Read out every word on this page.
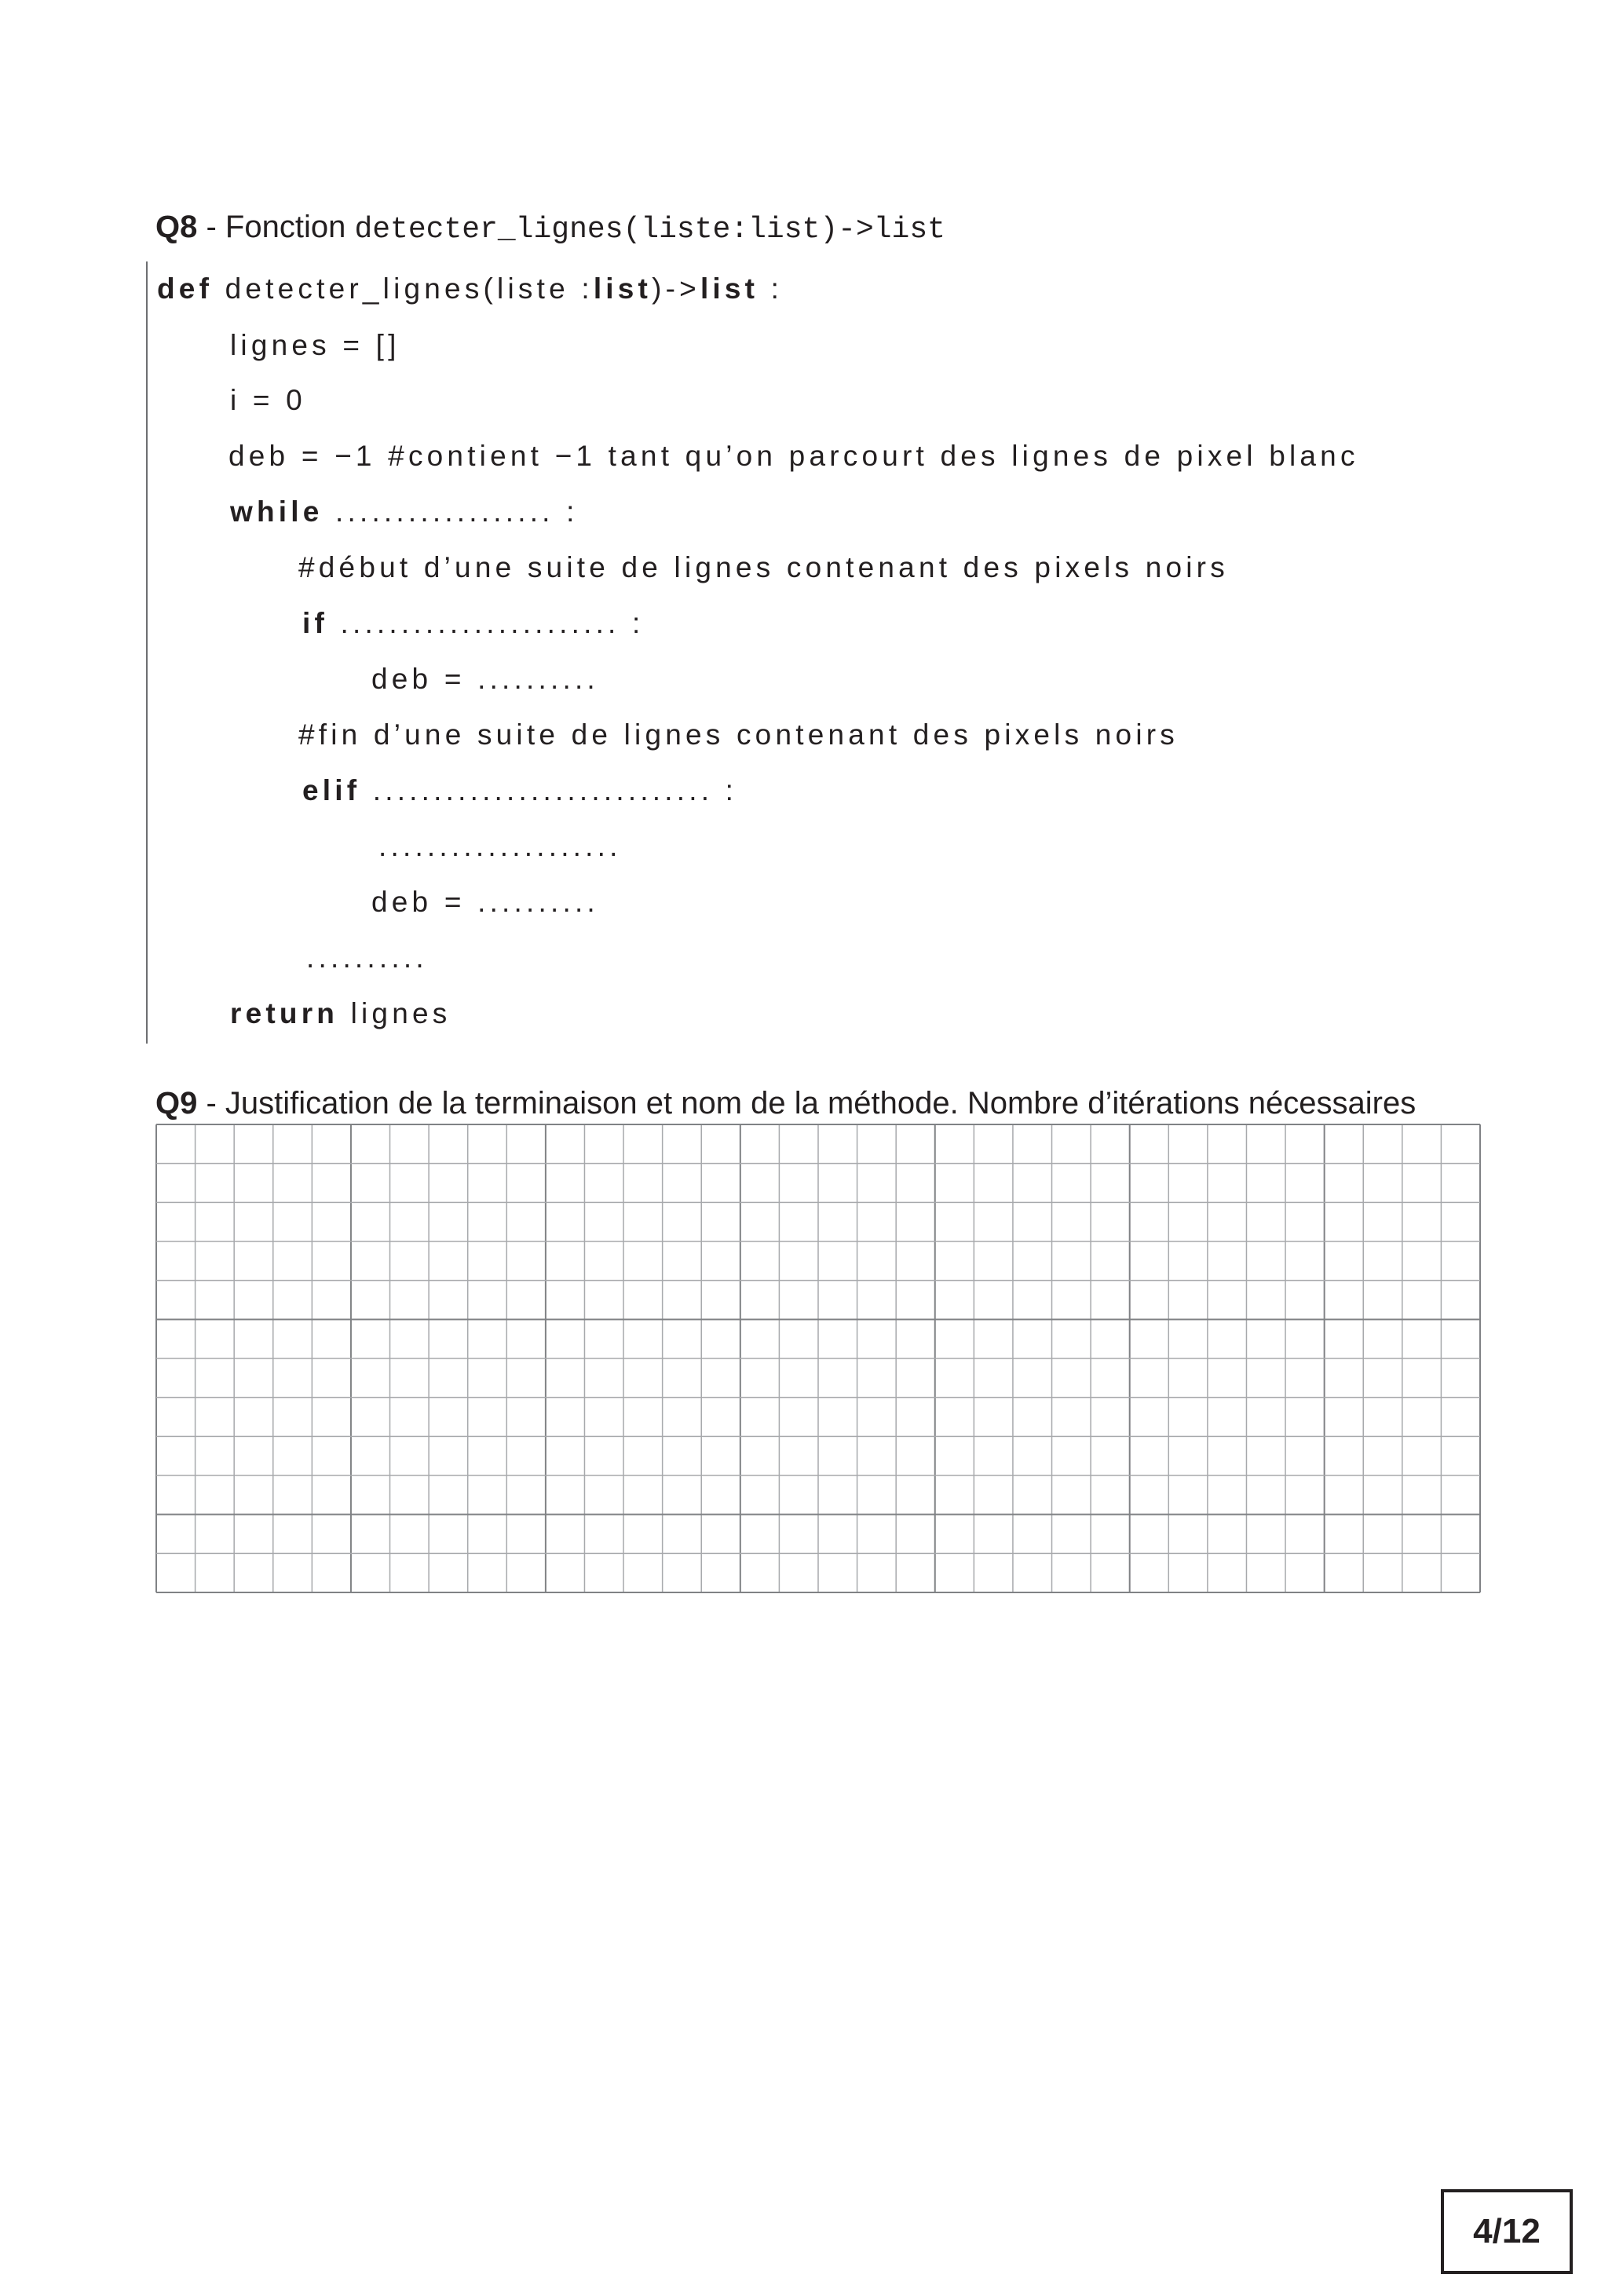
Q8 - Fonction detecter_lignes(liste:list)->list
def detecter_lignes(liste :list)->list :
lignes = []
i = 0
deb = −1 #contient −1 tant qu’on parcourt des lignes de pixel blanc
while .................. :
#début d’une suite de lignes contenant des pixels noirs
if ....................... :
deb = ..........
#fin d’une suite de lignes contenant des pixels noirs
elif ............................ :
....................
deb = ..........
..........
return lignes
Q9 - Justification de la terminaison et nom de la méthode. Nombre d’itérations nécessaires
4/12
